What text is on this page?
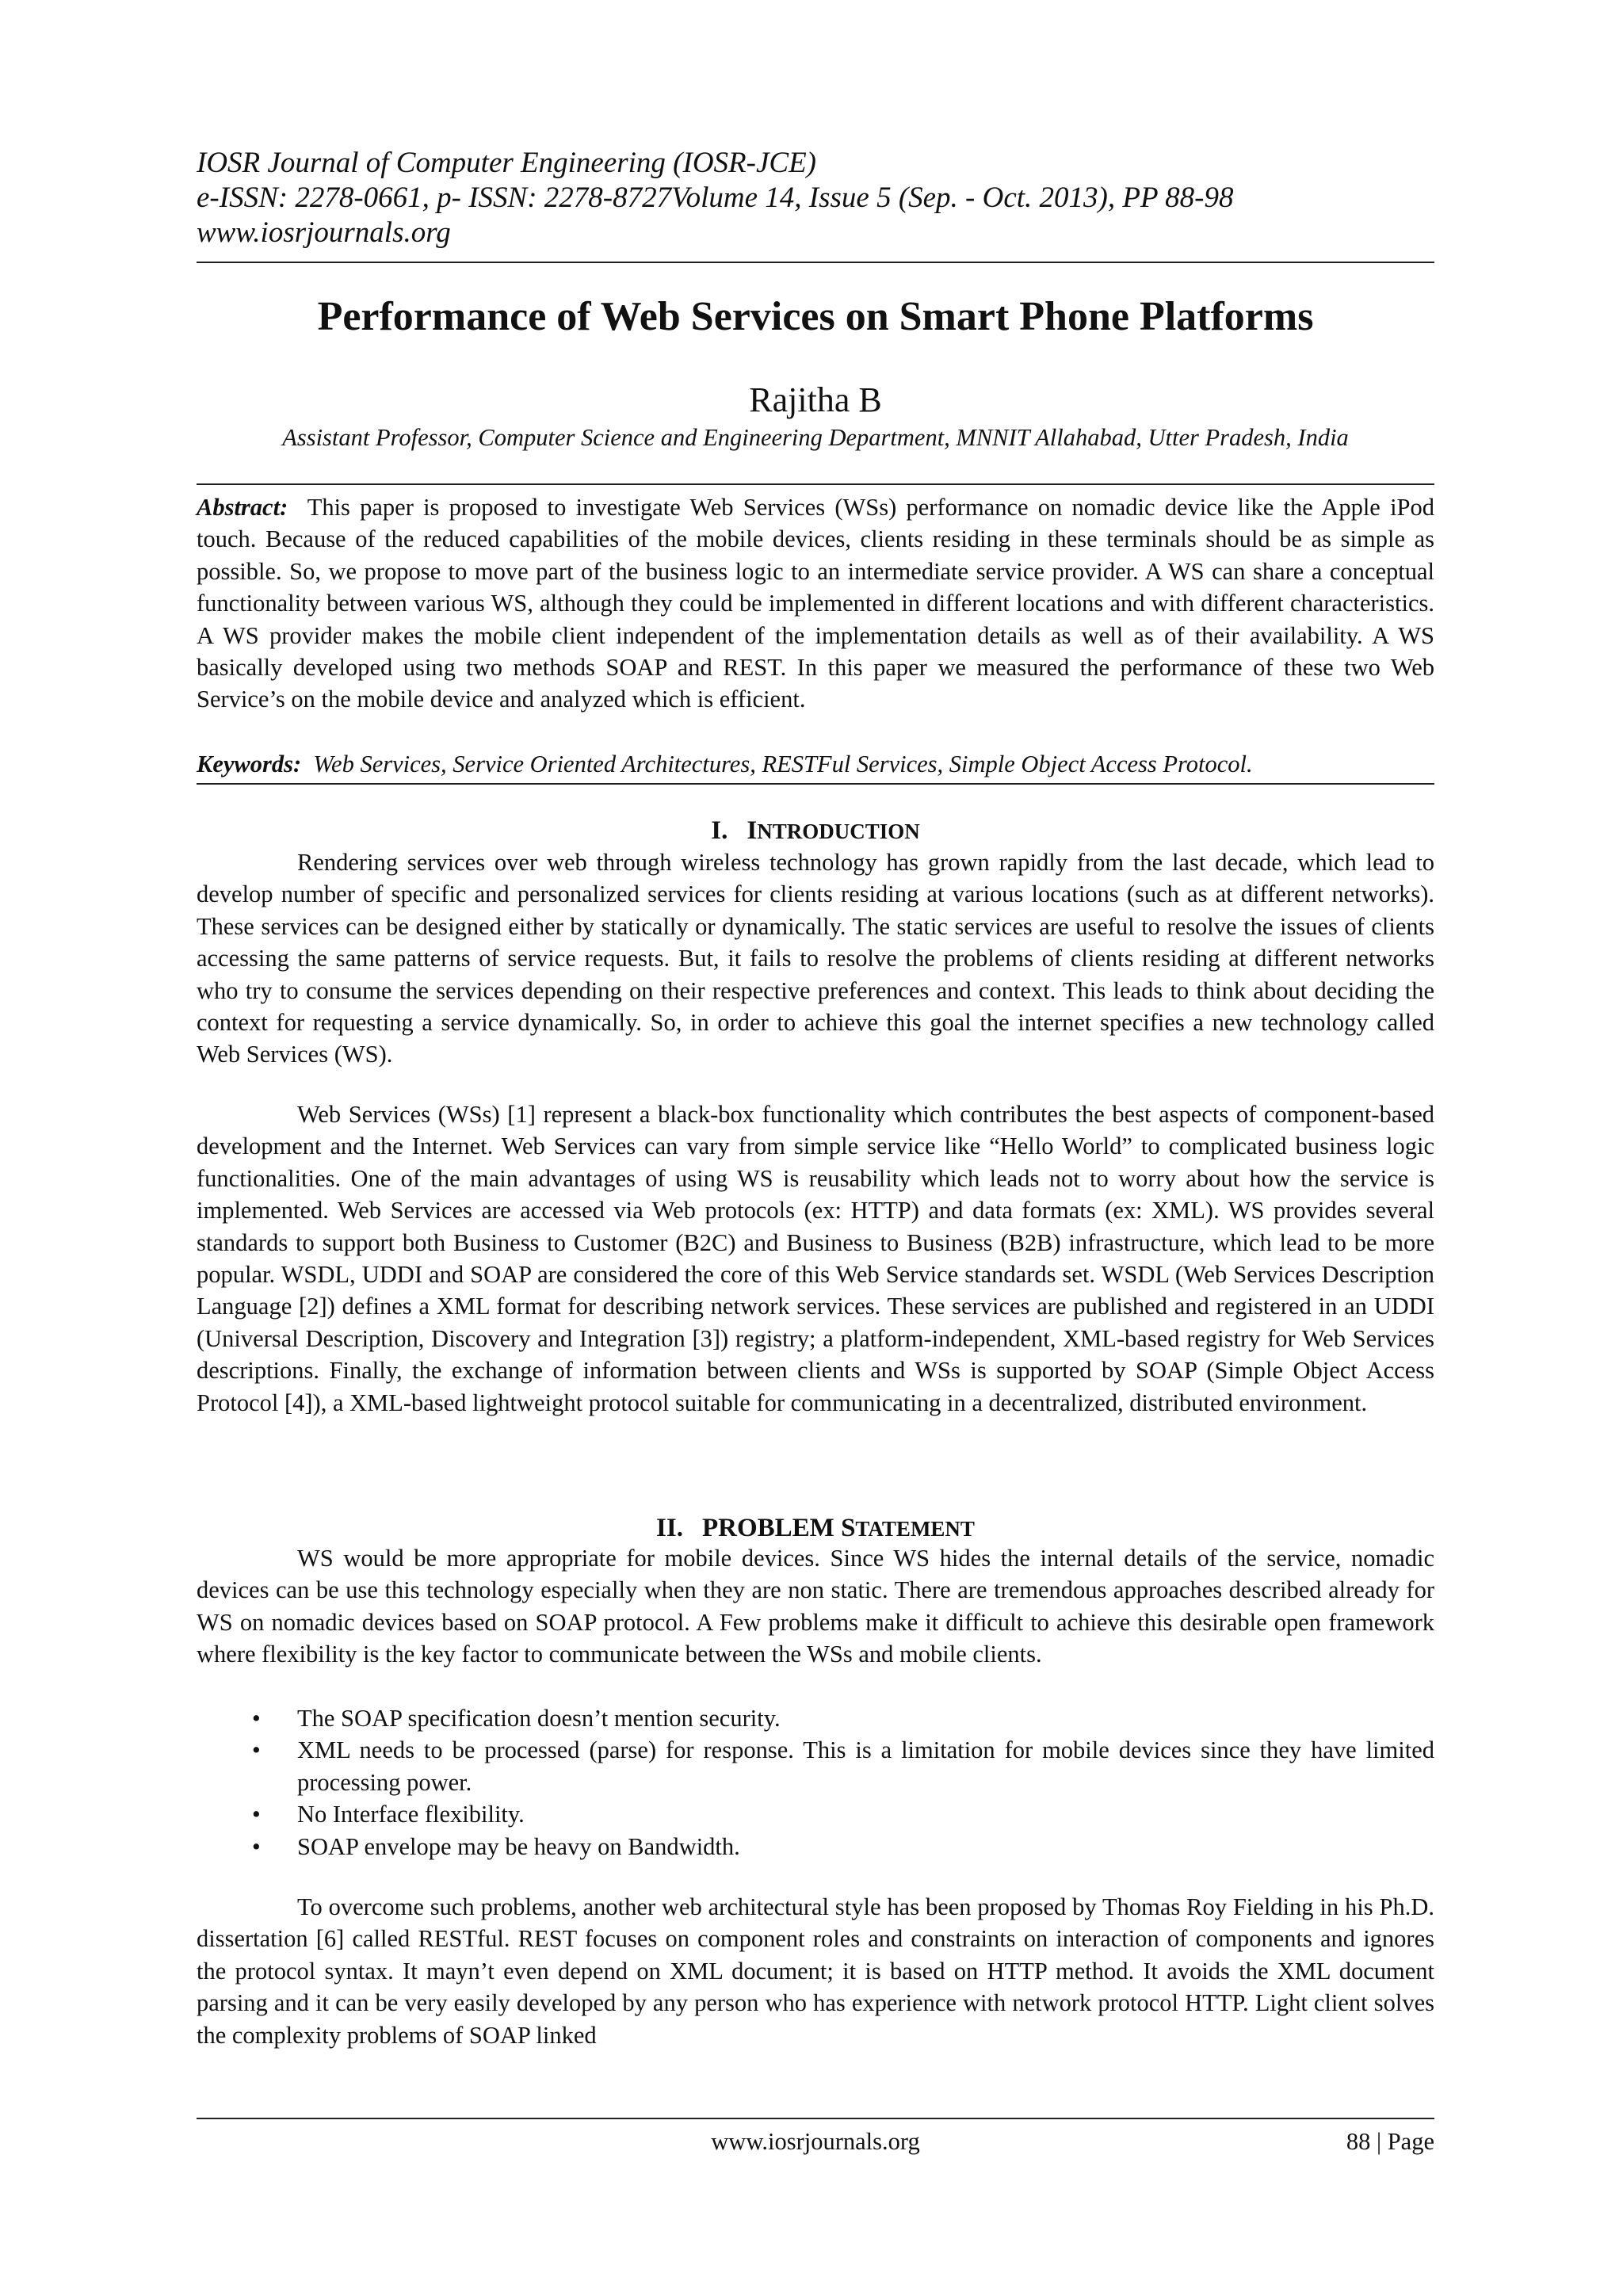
IOSR Journal of Computer Engineering (IOSR-JCE)
e-ISSN: 2278-0661, p- ISSN: 2278-8727Volume 14, Issue 5 (Sep. - Oct. 2013), PP 88-98
www.iosrjournals.org
Performance of Web Services on Smart Phone Platforms
Rajitha B
Assistant Professor, Computer Science and Engineering Department, MNNIT Allahabad, Utter Pradesh, India
Abstract: This paper is proposed to investigate Web Services (WSs) performance on nomadic device like the Apple iPod touch. Because of the reduced capabilities of the mobile devices, clients residing in these terminals should be as simple as possible. So, we propose to move part of the business logic to an intermediate service provider. A WS can share a conceptual functionality between various WS, although they could be implemented in different locations and with different characteristics. A WS provider makes the mobile client independent of the implementation details as well as of their availability. A WS basically developed using two methods SOAP and REST. In this paper we measured the performance of these two Web Service’s on the mobile device and analyzed which is efficient.
Keywords: Web Services, Service Oriented Architectures, RESTFul Services, Simple Object Access Protocol.
I. INTRODUCTION
Rendering services over web through wireless technology has grown rapidly from the last decade, which lead to develop number of specific and personalized services for clients residing at various locations (such as at different networks). These services can be designed either by statically or dynamically. The static services are useful to resolve the issues of clients accessing the same patterns of service requests. But, it fails to resolve the problems of clients residing at different networks who try to consume the services depending on their respective preferences and context. This leads to think about deciding the context for requesting a service dynamically. So, in order to achieve this goal the internet specifies a new technology called Web Services (WS).
Web Services (WSs) [1] represent a black-box functionality which contributes the best aspects of component-based development and the Internet. Web Services can vary from simple service like “Hello World” to complicated business logic functionalities. One of the main advantages of using WS is reusability which leads not to worry about how the service is implemented. Web Services are accessed via Web protocols (ex: HTTP) and data formats (ex: XML). WS provides several standards to support both Business to Customer (B2C) and Business to Business (B2B) infrastructure, which lead to be more popular. WSDL, UDDI and SOAP are considered the core of this Web Service standards set. WSDL (Web Services Description Language [2]) defines a XML format for describing network services. These services are published and registered in an UDDI (Universal Description, Discovery and Integration [3]) registry; a platform-independent, XML-based registry for Web Services descriptions. Finally, the exchange of information between clients and WSs is supported by SOAP (Simple Object Access Protocol [4]), a XML-based lightweight protocol suitable for communicating in a decentralized, distributed environment.
II. PROBLEM STATEMENT
WS would be more appropriate for mobile devices. Since WS hides the internal details of the service, nomadic devices can be use this technology especially when they are non static. There are tremendous approaches described already for WS on nomadic devices based on SOAP protocol. A Few problems make it difficult to achieve this desirable open framework where flexibility is the key factor to communicate between the WSs and mobile clients.
• The SOAP specification doesn’t mention security.
• XML needs to be processed (parse) for response. This is a limitation for mobile devices since they have limited processing power.
• No Interface flexibility.
• SOAP envelope may be heavy on Bandwidth.
To overcome such problems, another web architectural style has been proposed by Thomas Roy Fielding in his Ph.D. dissertation [6] called RESTful. REST focuses on component roles and constraints on interaction of components and ignores the protocol syntax. It mayn’t even depend on XML document; it is based on HTTP method. It avoids the XML document parsing and it can be very easily developed by any person who has experience with network protocol HTTP. Light client solves the complexity problems of SOAP linked
www.iosrjournals.org	88 | Page
